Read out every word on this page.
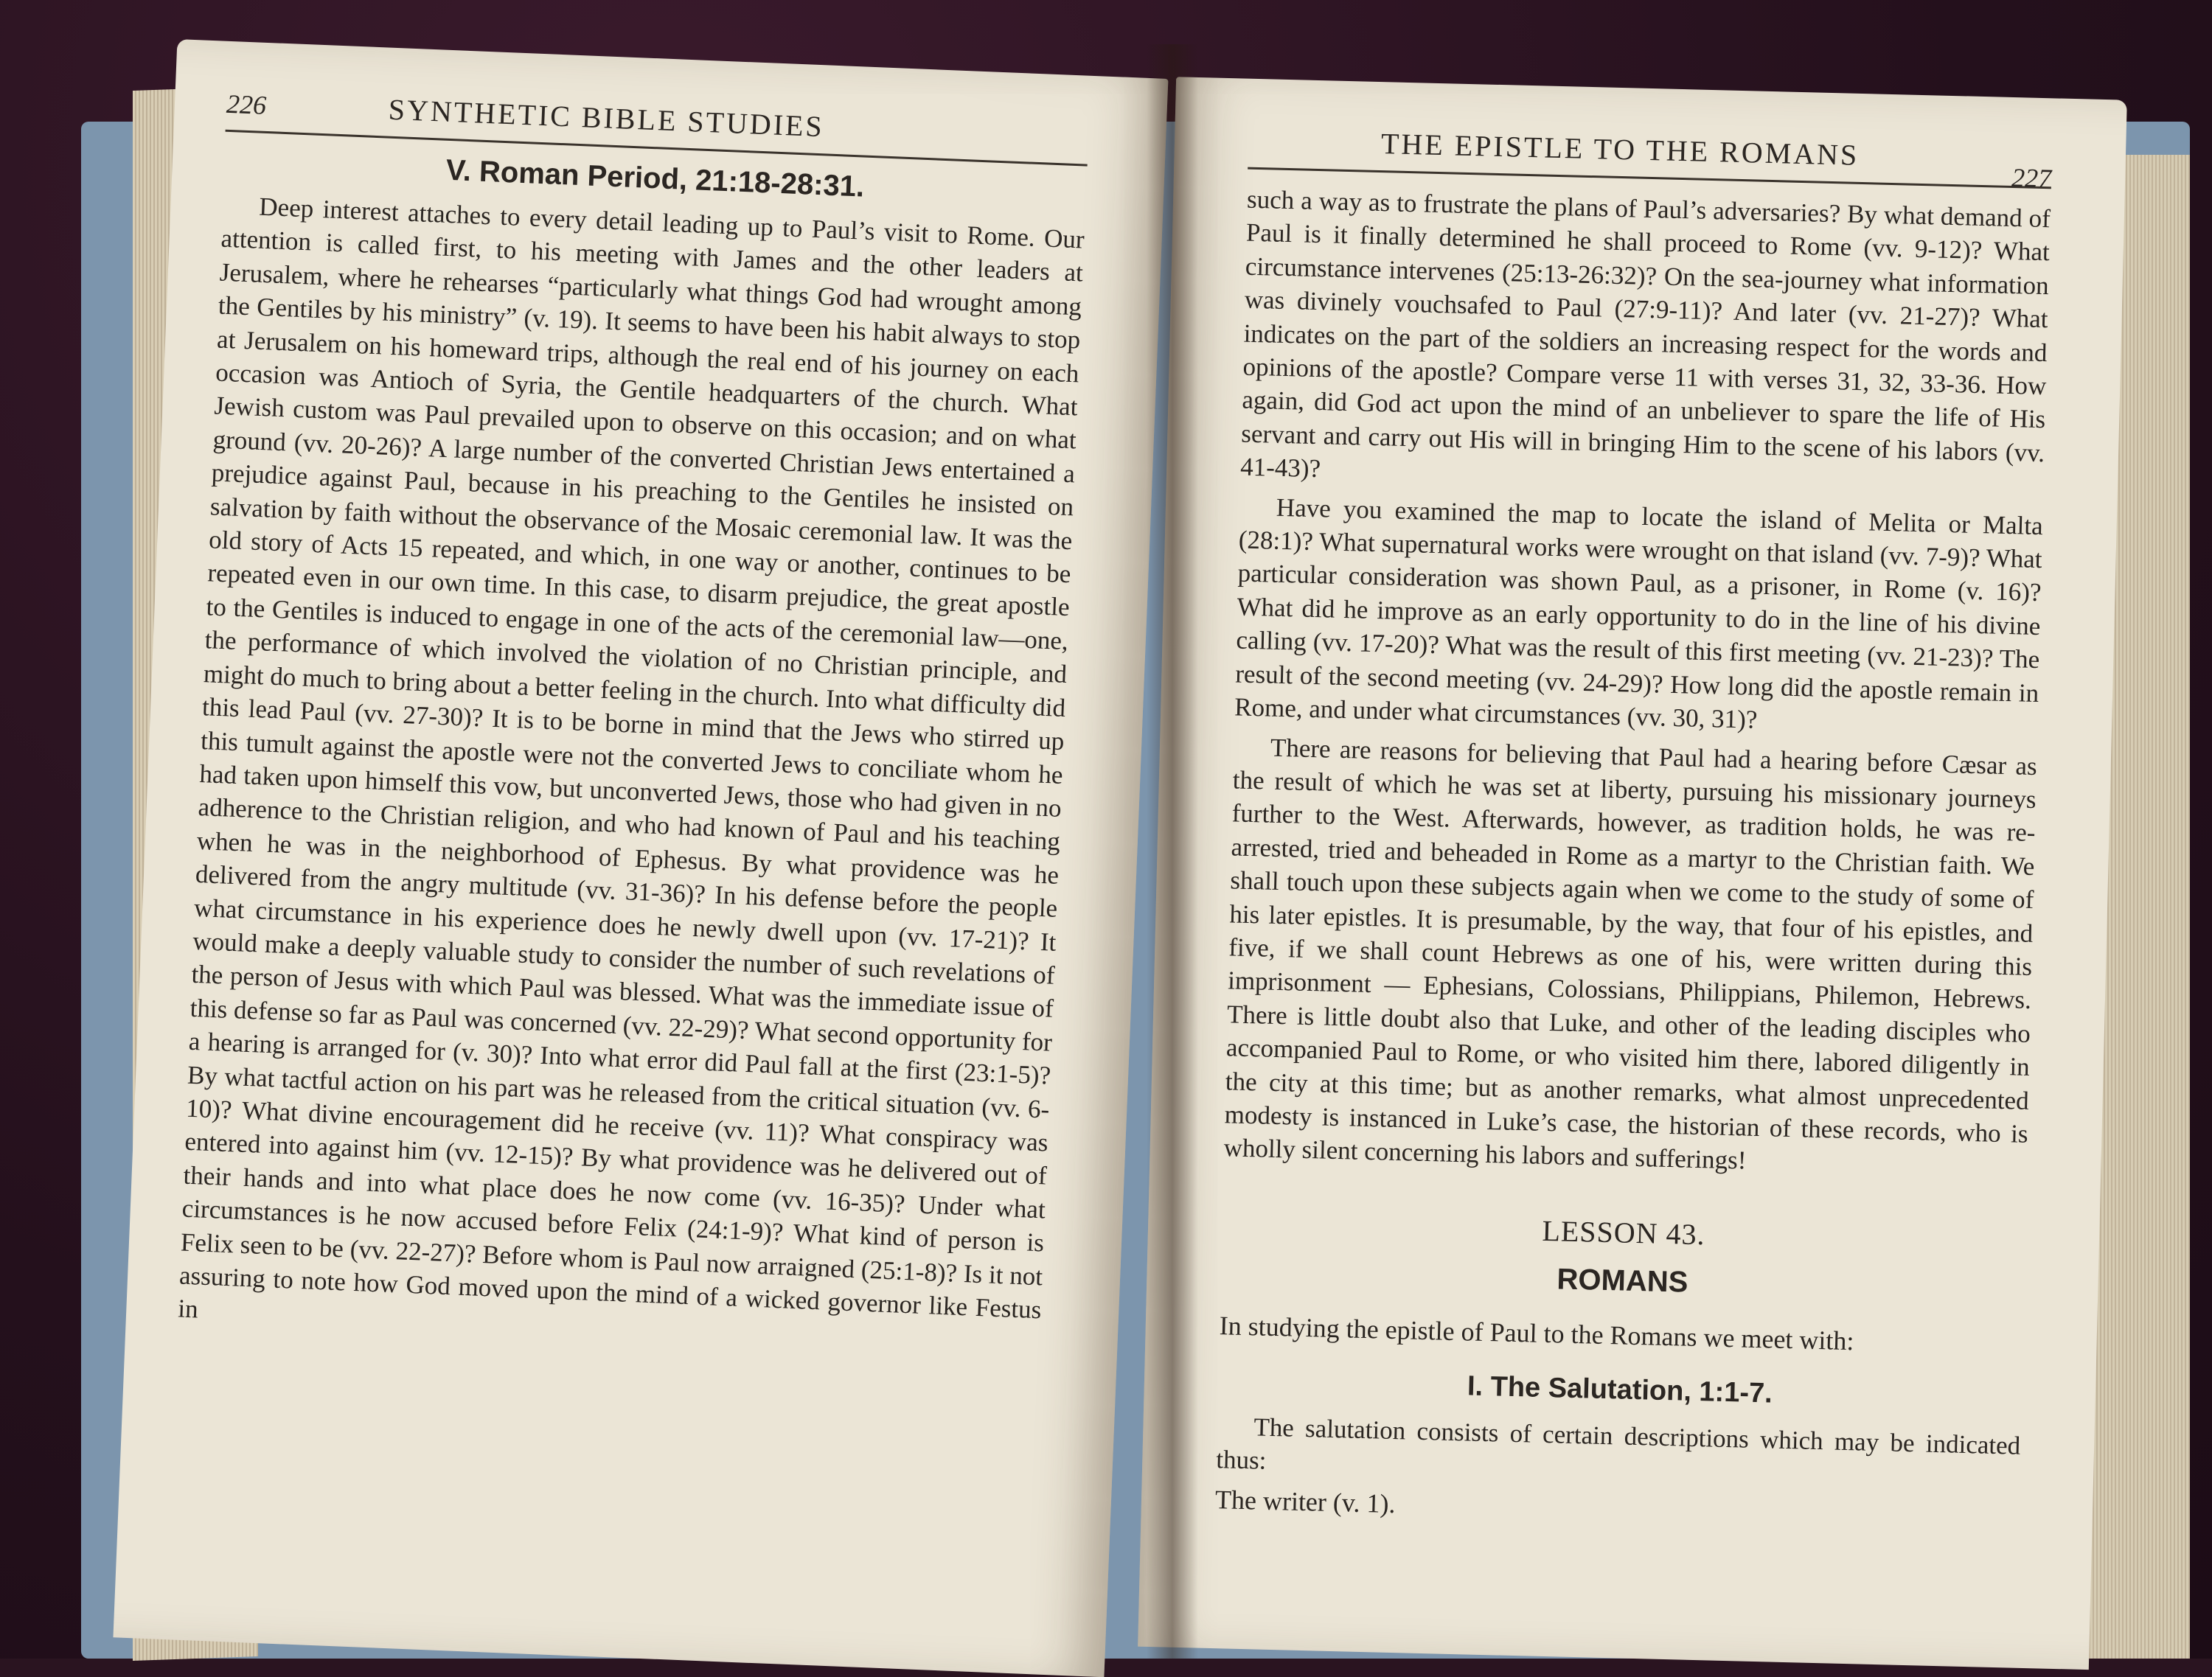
226	SYNTHETIC BIBLE STUDIES
V. Roman Period, 21:18-28:31.

Deep interest attaches to every detail leading up to Paul’s visit to Rome. Our attention is called first, to his meeting with James and the other leaders at Jerusalem, where he rehearses “particularly what things God had wrought among the Gentiles by his ministry” (v. 19). It seems to have been his habit always to stop at Jerusalem on his homeward trips, although the real end of his journey on each occasion was Antioch of Syria, the Gentile headquarters of the church. What Jewish custom was Paul prevailed upon to observe on this occasion; and on what ground (vv. 20-26)? A large number of the converted Christian Jews entertained a prejudice against Paul, because in his preaching to the Gentiles he insisted on salvation by faith without the observance of the Mosaic ceremonial law. It was the old story of Acts 15 repeated, and which, in one way or another, continues to be repeated even in our own time. In this case, to disarm prejudice, the great apostle to the Gentiles is induced to engage in one of the acts of the ceremonial law—one, the performance of which involved the violation of no Christian principle, and might do much to bring about a better feeling in the church. Into what difficulty did this lead Paul (vv. 27-30)? It is to be borne in mind that the Jews who stirred up this tumult against the apostle were not the converted Jews to conciliate whom he had taken upon himself this vow, but unconverted Jews, those who had given in no adherence to the Christian religion, and who had known of Paul and his teaching when he was in the neighborhood of Ephesus. By what providence was he delivered from the angry multitude (vv. 31-36)? In his defense before the people what circumstance in his experience does he newly dwell upon (vv. 17-21)? It would make a deeply valuable study to consider the number of such revelations of the person of Jesus with which Paul was blessed. What was the immediate issue of this defense so far as Paul was concerned (vv. 22-29)? What second opportunity for a hearing is arranged for (v. 30)? Into what error did Paul fall at the first (23:1-5)? By what tactful action on his part was he released from the critical situation (vv. 6-10)? What divine encouragement did he receive (vv. 11)? What conspiracy was entered into against him (vv. 12-15)? By what providence was he delivered out of their hands and into what place does he now come (vv. 16-35)? Under what circumstances is he now accused before Felix (24:1-9)? What kind of person is Felix seen to be (vv. 22-27)? Before whom is Paul now arraigned (25:1-8)? Is it not assuring to note how God moved upon the mind of a wicked governor like Festus in

THE EPISTLE TO THE ROMANS
227

such a way as to frustrate the plans of Paul’s adversaries? By what demand of Paul is it finally determined he shall proceed to Rome (vv. 9-12)? What circumstance intervenes (25:13-26:32)? On the sea-journey what information was divinely vouchsafed to Paul (27:9-11)? And later (vv. 21-27)? What indicates on the part of the soldiers an increasing respect for the words and opinions of the apostle? Compare verse 11 with verses 31, 32, 33-36. How again, did God act upon the mind of an unbeliever to spare the life of His servant and carry out His will in bringing Him to the scene of his labors (vv. 41-43)?

Have you examined the map to locate the island of Melita or Malta (28:1)? What supernatural works were wrought on that island (vv. 7-9)? What particular consideration was shown Paul, as a prisoner, in Rome (v. 16)? What did he improve as an early opportunity to do in the line of his divine calling (vv. 17-20)? What was the result of this first meeting (vv. 21-23)? The result of the second meeting (vv. 24-29)? How long did the apostle remain in Rome, and under what circumstances (vv. 30, 31)?

There are reasons for believing that Paul had a hearing before Cæsar as the result of which he was set at liberty, pursuing his missionary journeys further to the West. Afterwards, however, as tradition holds, he was re-arrested, tried and beheaded in Rome as a martyr to the Christian faith. We shall touch upon these subjects again when we come to the study of some of his later epistles. It is presumable, by the way, that four of his epistles, and five, if we shall count Hebrews as one of his, were written during this imprisonment — Ephesians, Colossians, Philippians, Philemon, Hebrews. There is little doubt also that Luke, and other of the leading disciples who accompanied Paul to Rome, or who visited him there, labored diligently in the city at this time; but as another remarks, what almost unprecedented modesty is instanced in Luke’s case, the historian of these records, who is wholly silent concerning his labors and sufferings!

LESSON 43.
ROMANS

In studying the epistle of Paul to the Romans we meet with:

I. The Salutation, 1:1-7.

The salutation consists of certain descriptions which may be indicated thus:

The writer (v. 1).
